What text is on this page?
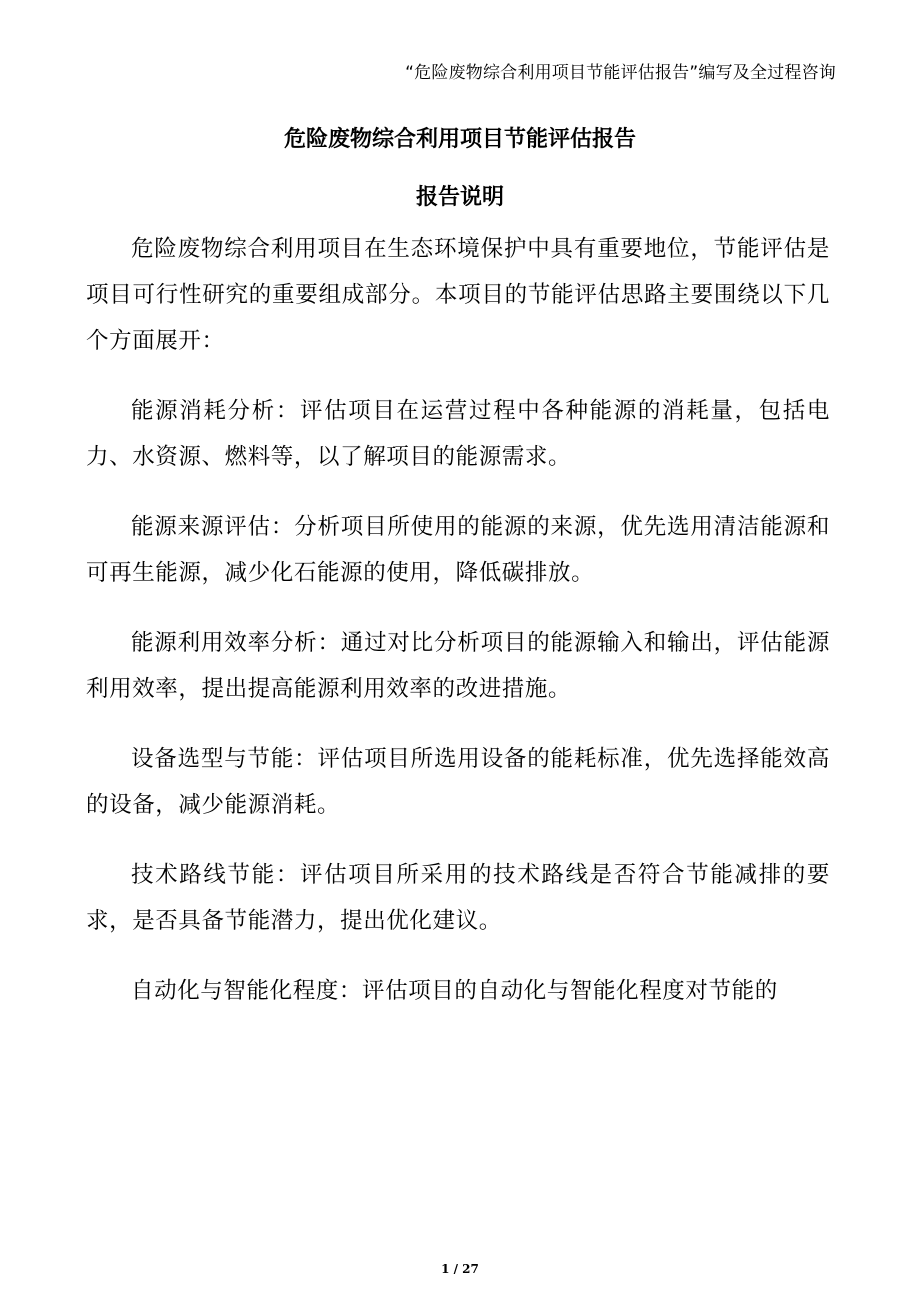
“危险废物综合利用项目节能评估报告”编写及全过程咨询
危险废物综合利用项目节能评估报告
报告说明

危险废物综合利用项目在生态环境保护中具有重要地位，节能评估是项目可行性研究的重要组成部分。本项目的节能评估思路主要围绕以下几个方面展开：

能源消耗分析：评估项目在运营过程中各种能源的消耗量，包括电力、水资源、燃料等，以了解项目的能源需求。

能源来源评估：分析项目所使用的能源的来源，优先选用清洁能源和可再生能源，减少化石能源的使用，降低碳排放。

能源利用效率分析：通过对比分析项目的能源输入和输出，评估能源利用效率，提出提高能源利用效率的改进措施。

设备选型与节能：评估项目所选用设备的能耗标准，优先选择能效高的设备，减少能源消耗。

技术路线节能：评估项目所采用的技术路线是否符合节能减排的要求，是否具备节能潜力，提出优化建议。

自动化与智能化程度：评估项目的自动化与智能化程度对节能的

1 / 27
